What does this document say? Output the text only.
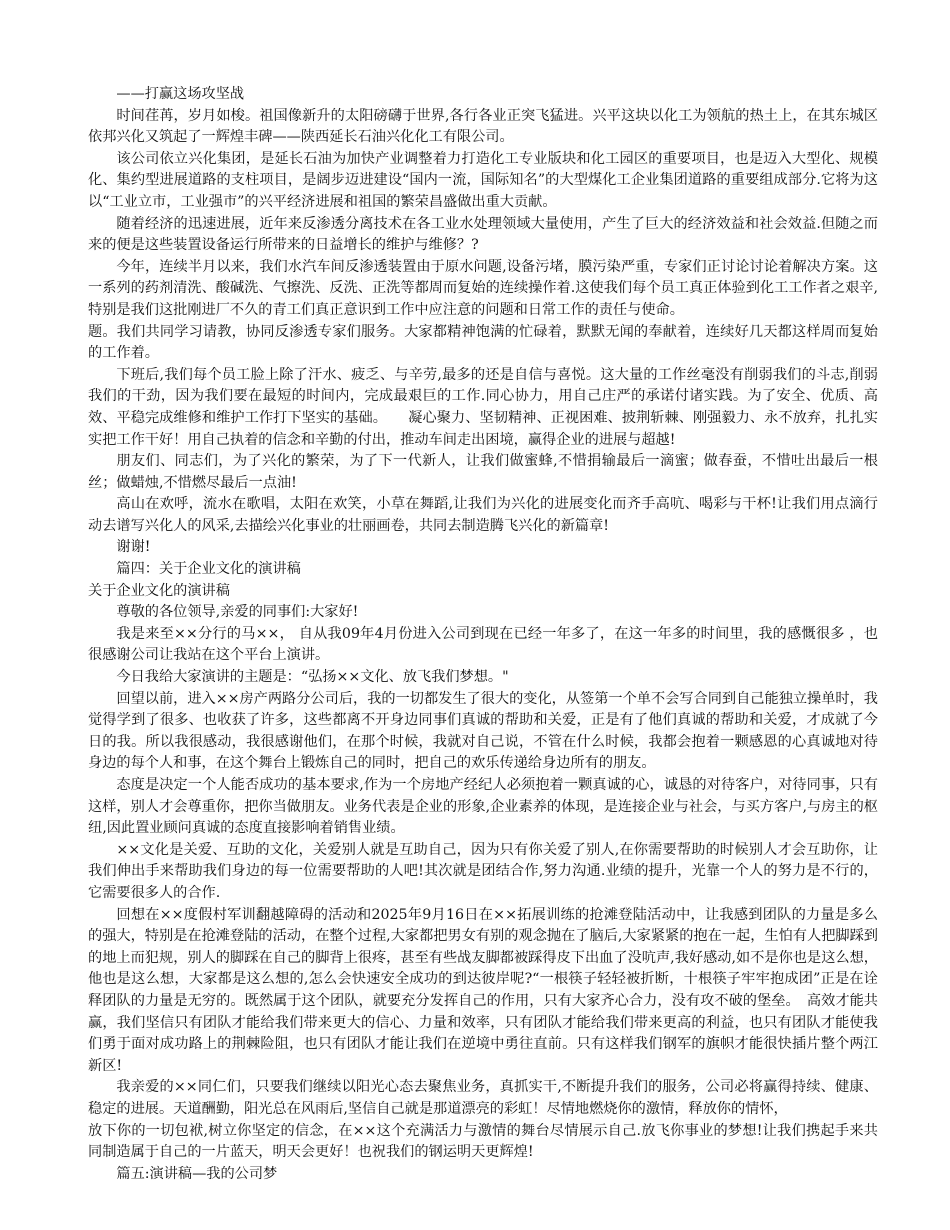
——打赢这场攻坚战

时间荏苒，岁月如梭。祖国像新升的太阳磅礴于世界,各行各业正突飞猛进。兴平这块以化工为领航的热土上，在其东城区依邦兴化又筑起了一辉煌丰碑——陕西延长石油兴化化工有限公司。

该公司依立兴化集团，是延长石油为加快产业调整着力打造化工专业版块和化工园区的重要项目，也是迈入大型化、规模化、集约型进展道路的支柱项目，是阔步迈进建设“国内一流，国际知名”的大型煤化工企业集团道路的重要组成部分.它将为这以“工业立市，工业强市”的兴平经济进展和祖国的繁荣昌盛做出重大贡献。

随着经济的迅速进展，近年来反渗透分离技术在各工业水处理领域大量使用，产生了巨大的经济效益和社会效益.但随之而来的便是这些装置设备运行所带来的日益增长的维护与维修？?

今年，连续半月以来，我们水汽车间反渗透装置由于原水问题,设备污堵，膜污染严重，专家们正讨论讨论着解决方案。这一系列的药剂清洗、酸碱洗、气擦洗、反洗、正洗等都周而复始的连续操作着.这使我们每个员工真正体验到化工工作者之艰辛,特别是我们这批刚进厂不久的青工们真正意识到工作中应注意的问题和日常工作的责任与使命。

题。我们共同学习请教，协同反渗透专家们服务。大家都精神饱满的忙碌着，默默无闻的奉献着，连续好几天都这样周而复始的工作着。

下班后,我们每个员工脸上除了汗水、疲乏、与辛劳,最多的还是自信与喜悦。这大量的工作丝毫没有削弱我们的斗志,削弱我们的干劲，因为我们要在最短的时间内，完成最艰巨的工作.同心协力，用自己庄严的承诺付诸实践。为了安全、优质、高效、平稳完成维修和维护工作打下坚实的基础。　　凝心聚力、坚韧精神、正视困难、披荆斩棘、刚强毅力、永不放弃，扎扎实实把工作干好！用自己执着的信念和辛勤的付出，推动车间走出困境，赢得企业的进展与超越!

朋友们、同志们，为了兴化的繁荣，为了下一代新人，让我们做蜜蜂,不惜捐输最后一滴蜜；做春蚕，不惜吐出最后一根丝；做蜡烛,不惜燃尽最后一点油!

高山在欢呼，流水在歌唱，太阳在欢笑，小草在舞蹈,让我们为兴化的进展变化而齐手高吭、喝彩与干杯!让我们用点滴行动去谱写兴化人的风采,去描绘兴化事业的壮丽画卷，共同去制造腾飞兴化的新篇章!

谢谢!

篇四：关于企业文化的演讲稿

关于企业文化的演讲稿

尊敬的各位领导,亲爱的同事们:大家好!

我是来至××分行的马××， 自从我09年4月份进入公司到现在已经一年多了，在这一年多的时间里，我的感慨很多 ，也很感谢公司让我站在这个平台上演讲。

今日我给大家演讲的主题是：“弘扬××文化、放飞我们梦想。"

回望以前，进入××房产两路分公司后，我的一切都发生了很大的变化，从签第一个单不会写合同到自己能独立操单时，我觉得学到了很多、也收获了许多，这些都离不开身边同事们真诚的帮助和关爱，正是有了他们真诚的帮助和关爱，才成就了今日的我。所以我很感动，我很感谢他们，在那个时候，我就对自己说，不管在什么时候，我都会抱着一颗感恩的心真诚地对待身边的每个人和事，在这个舞台上锻炼自己的同时，把自己的欢乐传递给身边所有的朋友。

态度是决定一个人能否成功的基本要求,作为一个房地产经纪人必须抱着一颗真诚的心，诚恳的对待客户，对待同事，只有这样，别人才会尊重你，把你当做朋友。业务代表是企业的形象,企业素养的体现，是连接企业与社会，与买方客户,与房主的枢纽,因此置业顾问真诚的态度直接影响着销售业绩。

××文化是关爱、互助的文化，关爱别人就是互助自己，因为只有你关爱了别人,在你需要帮助的时候别人才会互助你，让我们伸出手来帮助我们身边的每一位需要帮助的人吧!其次就是团结合作,努力沟通.业绩的提升，光靠一个人的努力是不行的，它需要很多人的合作.

回想在××度假村军训翻越障碍的活动和2025年9月16日在××拓展训练的抢滩登陆活动中，让我感到团队的力量是多么的强大，特别是在抢滩登陆的活动，在整个过程,大家都把男女有别的观念抛在了脑后,大家紧紧的抱在一起，生怕有人把脚踩到的地上而犯规，别人的脚踩在自己的脚背上很疼，甚至有些战友脚都被踩得皮下出血了没吭声,我好感动,如不是你也是这么想，他也是这么想，大家都是这么想的,怎么会快速安全成功的到达彼岸呢?“一根筷子轻轻被折断，十根筷子牢牢抱成团”正是在诠释团队的力量是无穷的。既然属于这个团队，就要充分发挥自己的作用，只有大家齐心合力，没有攻不破的堡垒。　高效才能共赢，我们坚信只有团队才能给我们带来更大的信心、力量和效率，只有团队才能给我们带来更高的利益，也只有团队才能使我们勇于面对成功路上的荆棘险阻，也只有团队才能让我们在逆境中勇往直前。只有这样我们钢军的旗帜才能很快插片整个两江新区!

我亲爱的××同仁们，只要我们继续以阳光心态去聚焦业务，真抓实干,不断提升我们的服务，公司必将赢得持续、健康、稳定的进展。天道酬勤，阳光总在风雨后,坚信自己就是那道漂亮的彩虹！尽情地燃烧你的激情，释放你的情怀，

放下你的一切包袱,树立你坚定的信念，在××这个充满活力与激情的舞台尽情展示自己.放飞你事业的梦想!让我们携起手来共同制造属于自己的一片蓝天，明天会更好！也祝我们的钢运明天更辉煌!

篇五:演讲稿—我的公司梦
